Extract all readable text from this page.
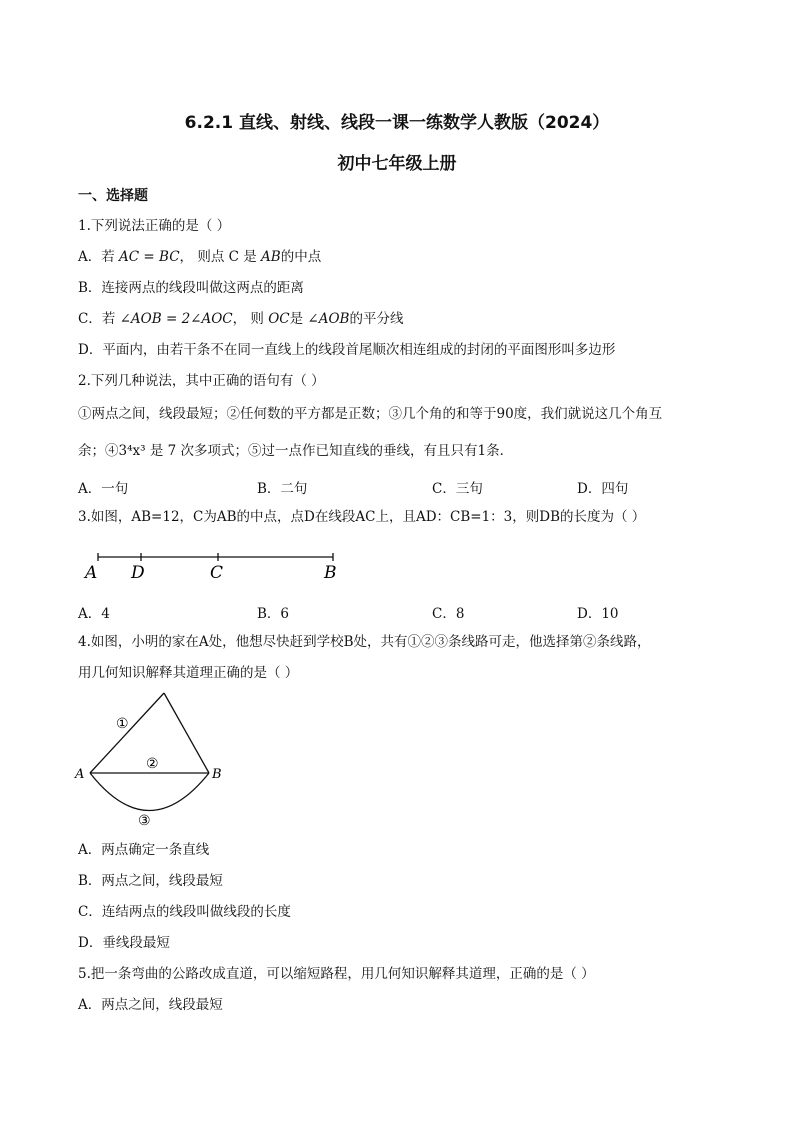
6.2.1 直线、射线、线段一课一练数学人教版（2024）
初中七年级上册
一、选择题
1.下列说法正确的是（ ）
A．若 AC = BC， 则点 C 是 AB的中点
B．连接两点的线段叫做这两点的距离
C．若 ∠AOB = 2∠AOC， 则 OC是 ∠AOB的平分线
D．平面内，由若干条不在同一直线上的线段首尾顺次相连组成的封闭的平面图形叫多边形
2.下列几种说法，其中正确的语句有（ ）
①两点之间，线段最短；②任何数的平方都是正数；③几个角的和等于90度，我们就说这几个角互
余；④3⁴x³ 是 7 次多项式；⑤过一点作已知直线的垂线，有且只有1条．
A．一句	B．二句	C．三句	D．四句
3.如图，AB=12，C为AB的中点，点D在线段AC上，且AD：CB=1：3，则DB的长度为（ ）
A D	C	B
A．4	B．6	C．8	D．10
4.如图，小明的家在A处，他想尽快赶到学校B处，共有①②③条线路可走，他选择第②条线路，
用几何知识解释其道理正确的是（ ）
A	B
①
②
③
A．两点确定一条直线
B．两点之间，线段最短
C．连结两点的线段叫做线段的长度
D．垂线段最短
5.把一条弯曲的公路改成直道，可以缩短路程，用几何知识解释其道理，正确的是（ ）
A．两点之间，线段最短
